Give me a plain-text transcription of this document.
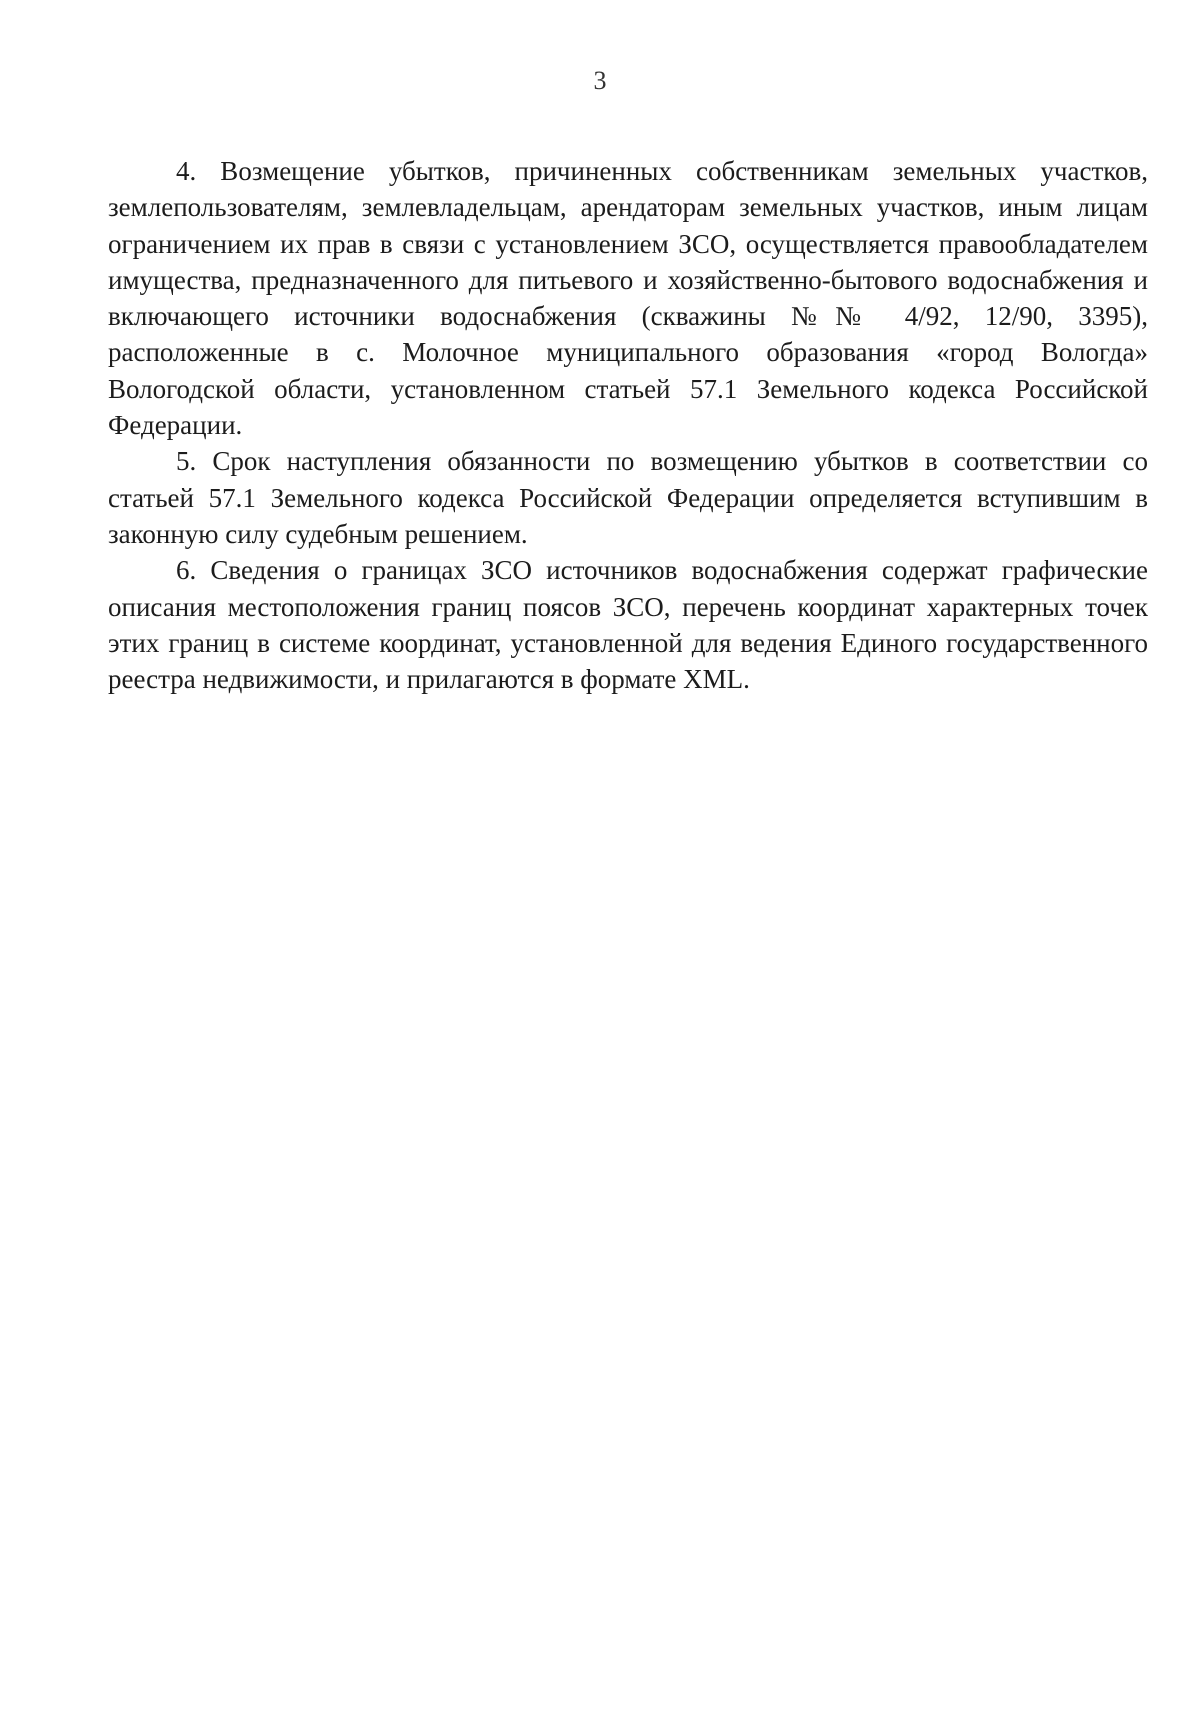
3

4. Возмещение убытков, причиненных собственникам земельных участков, землепользователям, землевладельцам, арендаторам земельных участков, иным лицам ограничением их прав в связи с установлением ЗСО, осуществляется правообладателем имущества, предназначенного для питьевого и хозяйственно-бытового водоснабжения и включающего источники водоснабжения (скважины №№ 4/92, 12/90, 3395), расположенные в с. Молочное муниципального образования «город Вологда» Вологодской области, установленном статьей 57.1 Земельного кодекса Российской Федерации.

5. Срок наступления обязанности по возмещению убытков в соответствии со статьей 57.1 Земельного кодекса Российской Федерации определяется вступившим в законную силу судебным решением.

6. Сведения о границах ЗСО источников водоснабжения содержат графические описания местоположения границ поясов ЗСО, перечень координат характерных точек этих границ в системе координат, установленной для ведения Единого государственного реестра недвижимости, и прилагаются в формате XML.
